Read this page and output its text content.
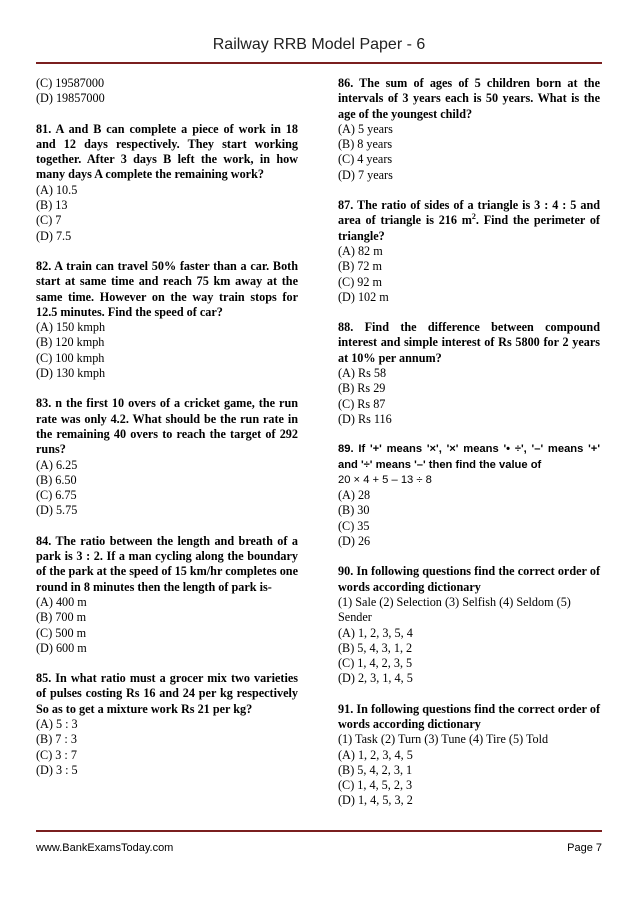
Railway RRB Model Paper - 6

(C) 19587000

(D) 19857000

81. A and B can complete a piece of work in 18 and 12 days respectively. They start working together. After 3 days B left the work, in how many days A complete the remaining work?

(A) 10.5

(B) 13

(C) 7

(D) 7.5

82. A train can travel 50% faster than a car. Both start at same time and reach 75 km away at the same time. However on the way train stops for 12.5 minutes. Find the speed of car?

(A) 150 kmph

(B) 120 kmph

(C) 100 kmph

(D) 130 kmph

83. n the first 10 overs of a cricket game, the run rate was only 4.2. What should be the run rate in the remaining 40 overs to reach the target of 292 runs?

(A) 6.25

(B) 6.50

(C) 6.75

(D) 5.75

84. The ratio between the length and breath of a park is 3 : 2. If a man cycling along the boundary of the park at the speed of 15 km/hr completes one round in 8 minutes then the length of park is-

(A) 400 m

(B) 700 m

(C) 500 m

(D) 600 m

85. In what ratio must a grocer mix two varieties of pulses costing Rs 16 and 24 per kg respectively So as to get a mixture work Rs 21 per kg?

(A) 5 : 3

(B) 7 : 3

(C) 3 : 7

(D) 3 : 5

86. The sum of ages of 5 children born at the intervals of 3 years each is 50 years. What is the age of the youngest child?

(A) 5 years

(B) 8 years

(C) 4 years

(D) 7 years

87. The ratio of sides of a triangle is 3 : 4 : 5 and area of triangle is 216 $m^2$. Find the perimeter of triangle?

(A) 82 m

(B) 72 m

(C) 92 m

(D) 102 m

88. Find the difference between compound interest and simple interest of Rs 5800 for 2 years at 10% per annum?

(A) Rs 58

(B) Rs 29

(C) Rs 87

(D) Rs 116

89. If '+' means '×', '×' means '• ÷', '–' means '+' and '÷' means '–' then find the value of

20 × 4 + 5 – 13 ÷ 8

(A) 28

(B) 30

(C) 35

(D) 26

90. In following questions find the correct order of words according dictionary

(1) Sale (2) Selection (3) Selfish (4) Seldom (5) Sender

(A) 1, 2, 3, 5, 4

(B) 5, 4, 3, 1, 2

(C) 1, 4, 2, 3, 5

(D) 2, 3, 1, 4, 5

91. In following questions find the correct order of words according dictionary

(1) Task (2) Turn (3) Tune (4) Tire (5) Told

(A) 1, 2, 3, 4, 5

(B) 5, 4, 2, 3, 1

(C) 1, 4, 5, 2, 3

(D) 1, 4, 5, 3, 2

www.BankExamsToday.com	Page 7
